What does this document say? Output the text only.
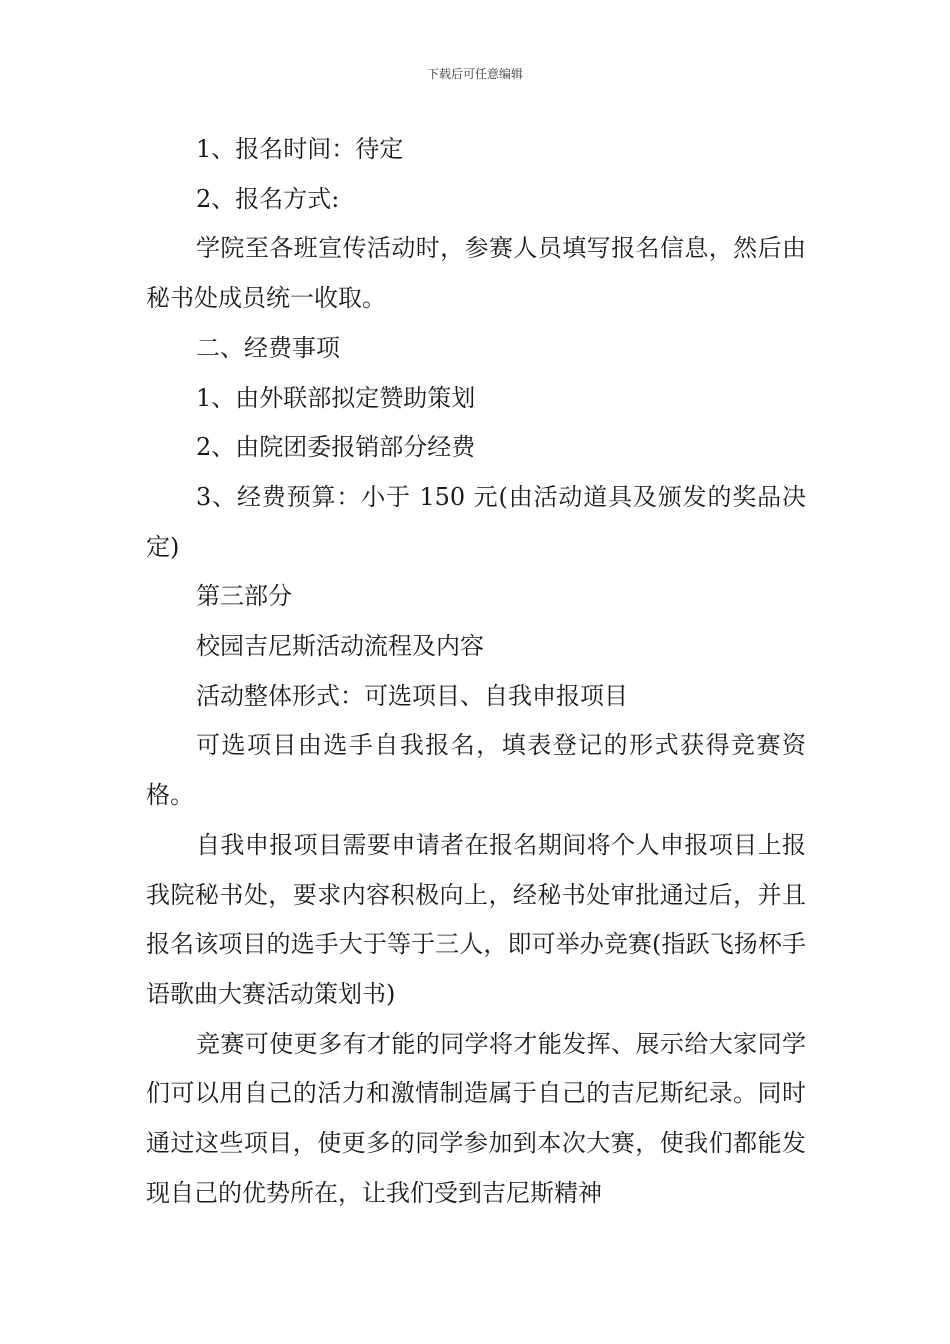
下载后可任意编辑

1、报名时间：待定

2、报名方式:

学院至各班宣传活动时，参赛人员填写报名信息，然后由秘书处成员统一收取。

二、经费事项

1、由外联部拟定赞助策划

2、由院团委报销部分经费

3、经费预算：小于 150 元(由活动道具及颁发的奖品决定)

第三部分

校园吉尼斯活动流程及内容

活动整体形式：可选项目、自我申报项目

可选项目由选手自我报名，填表登记的形式获得竞赛资格。

自我申报项目需要申请者在报名期间将个人申报项目上报我院秘书处，要求内容积极向上，经秘书处审批通过后，并且报名该项目的选手大于等于三人，即可举办竞赛(指跃飞扬杯手语歌曲大赛活动策划书)

竞赛可使更多有才能的同学将才能发挥、展示给大家同学们可以用自己的活力和激情制造属于自己的吉尼斯纪录。同时通过这些项目，使更多的同学参加到本次大赛，使我们都能发现自己的优势所在，让我们受到吉尼斯精神
